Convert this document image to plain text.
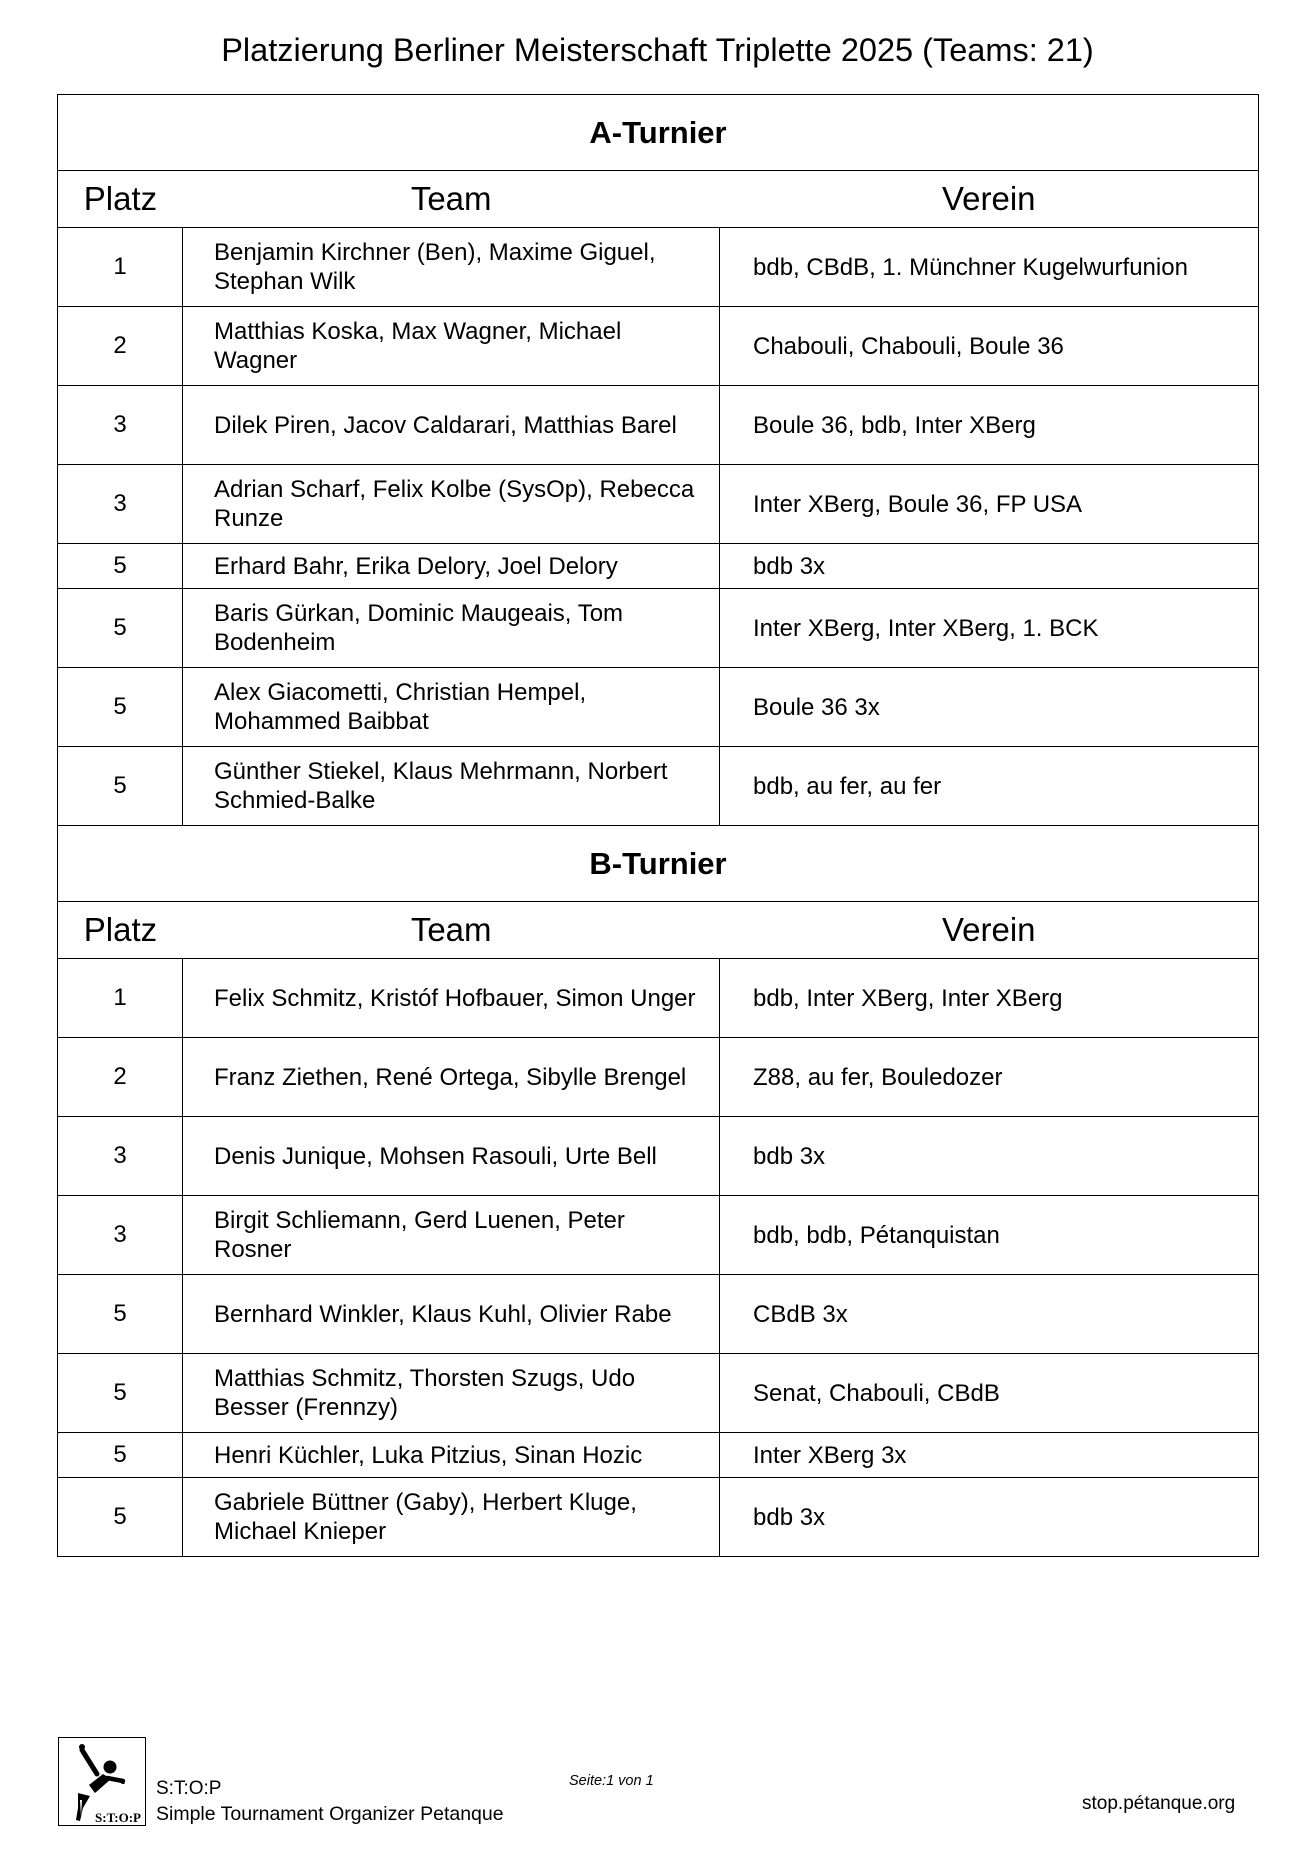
Platzierung Berliner Meisterschaft Triplette 2025 (Teams: 21)
A-Turnier		

Platz Team Verein		

1	Benjamin Kirchner (Ben), Maxime Giguel, Stephan Wilk	bdb, CBdB, 1. Münchner Kugelwurfunion
2	Matthias Koska, Max Wagner, Michael Wagner	Chabouli, Chabouli, Boule 36
3	Dilek Piren, Jacov Caldarari, Matthias Barel	Boule 36, bdb, Inter XBerg
3	Adrian Scharf, Felix Kolbe (SysOp), Rebecca Runze	Inter XBerg, Boule 36, FP USA
5	Erhard Bahr, Erika Delory, Joel Delory	bdb 3x
5	Baris Gürkan, Dominic Maugeais, Tom Bodenheim	Inter XBerg, Inter XBerg, 1. BCK
5	Alex Giacometti, Christian Hempel, Mohammed Baibbat	Boule 36 3x
5	Günther Stiekel, Klaus Mehrmann, Norbert Schmied-Balke	bdb, au fer, au fer
B-Turnier		

Platz Team Verein		

1	Felix Schmitz, Kristóf Hofbauer, Simon Unger	bdb, Inter XBerg, Inter XBerg
2	Franz Ziethen, René Ortega, Sibylle Brengel	Z88, au fer, Bouledozer
3	Denis Junique, Mohsen Rasouli, Urte Bell	bdb 3x
3	Birgit Schliemann, Gerd Luenen, Peter Rosner	bdb, bdb, Pétanquistan
5	Bernhard Winkler, Klaus Kuhl, Olivier Rabe	CBdB 3x
5	Matthias Schmitz, Thorsten Szugs, Udo Besser (Frennzy)	Senat, Chabouli, CBdB
5	Henri Küchler, Luka Pitzius, Sinan Hozic	Inter XBerg 3x
5	Gabriele Büttner (Gaby), Herbert Kluge, Michael Knieper	bdb 3x
S:T:O:P
S:T:O:P
Simple Tournament Organizer Petanque
Seite:1 von 1
stop.pétanque.org
